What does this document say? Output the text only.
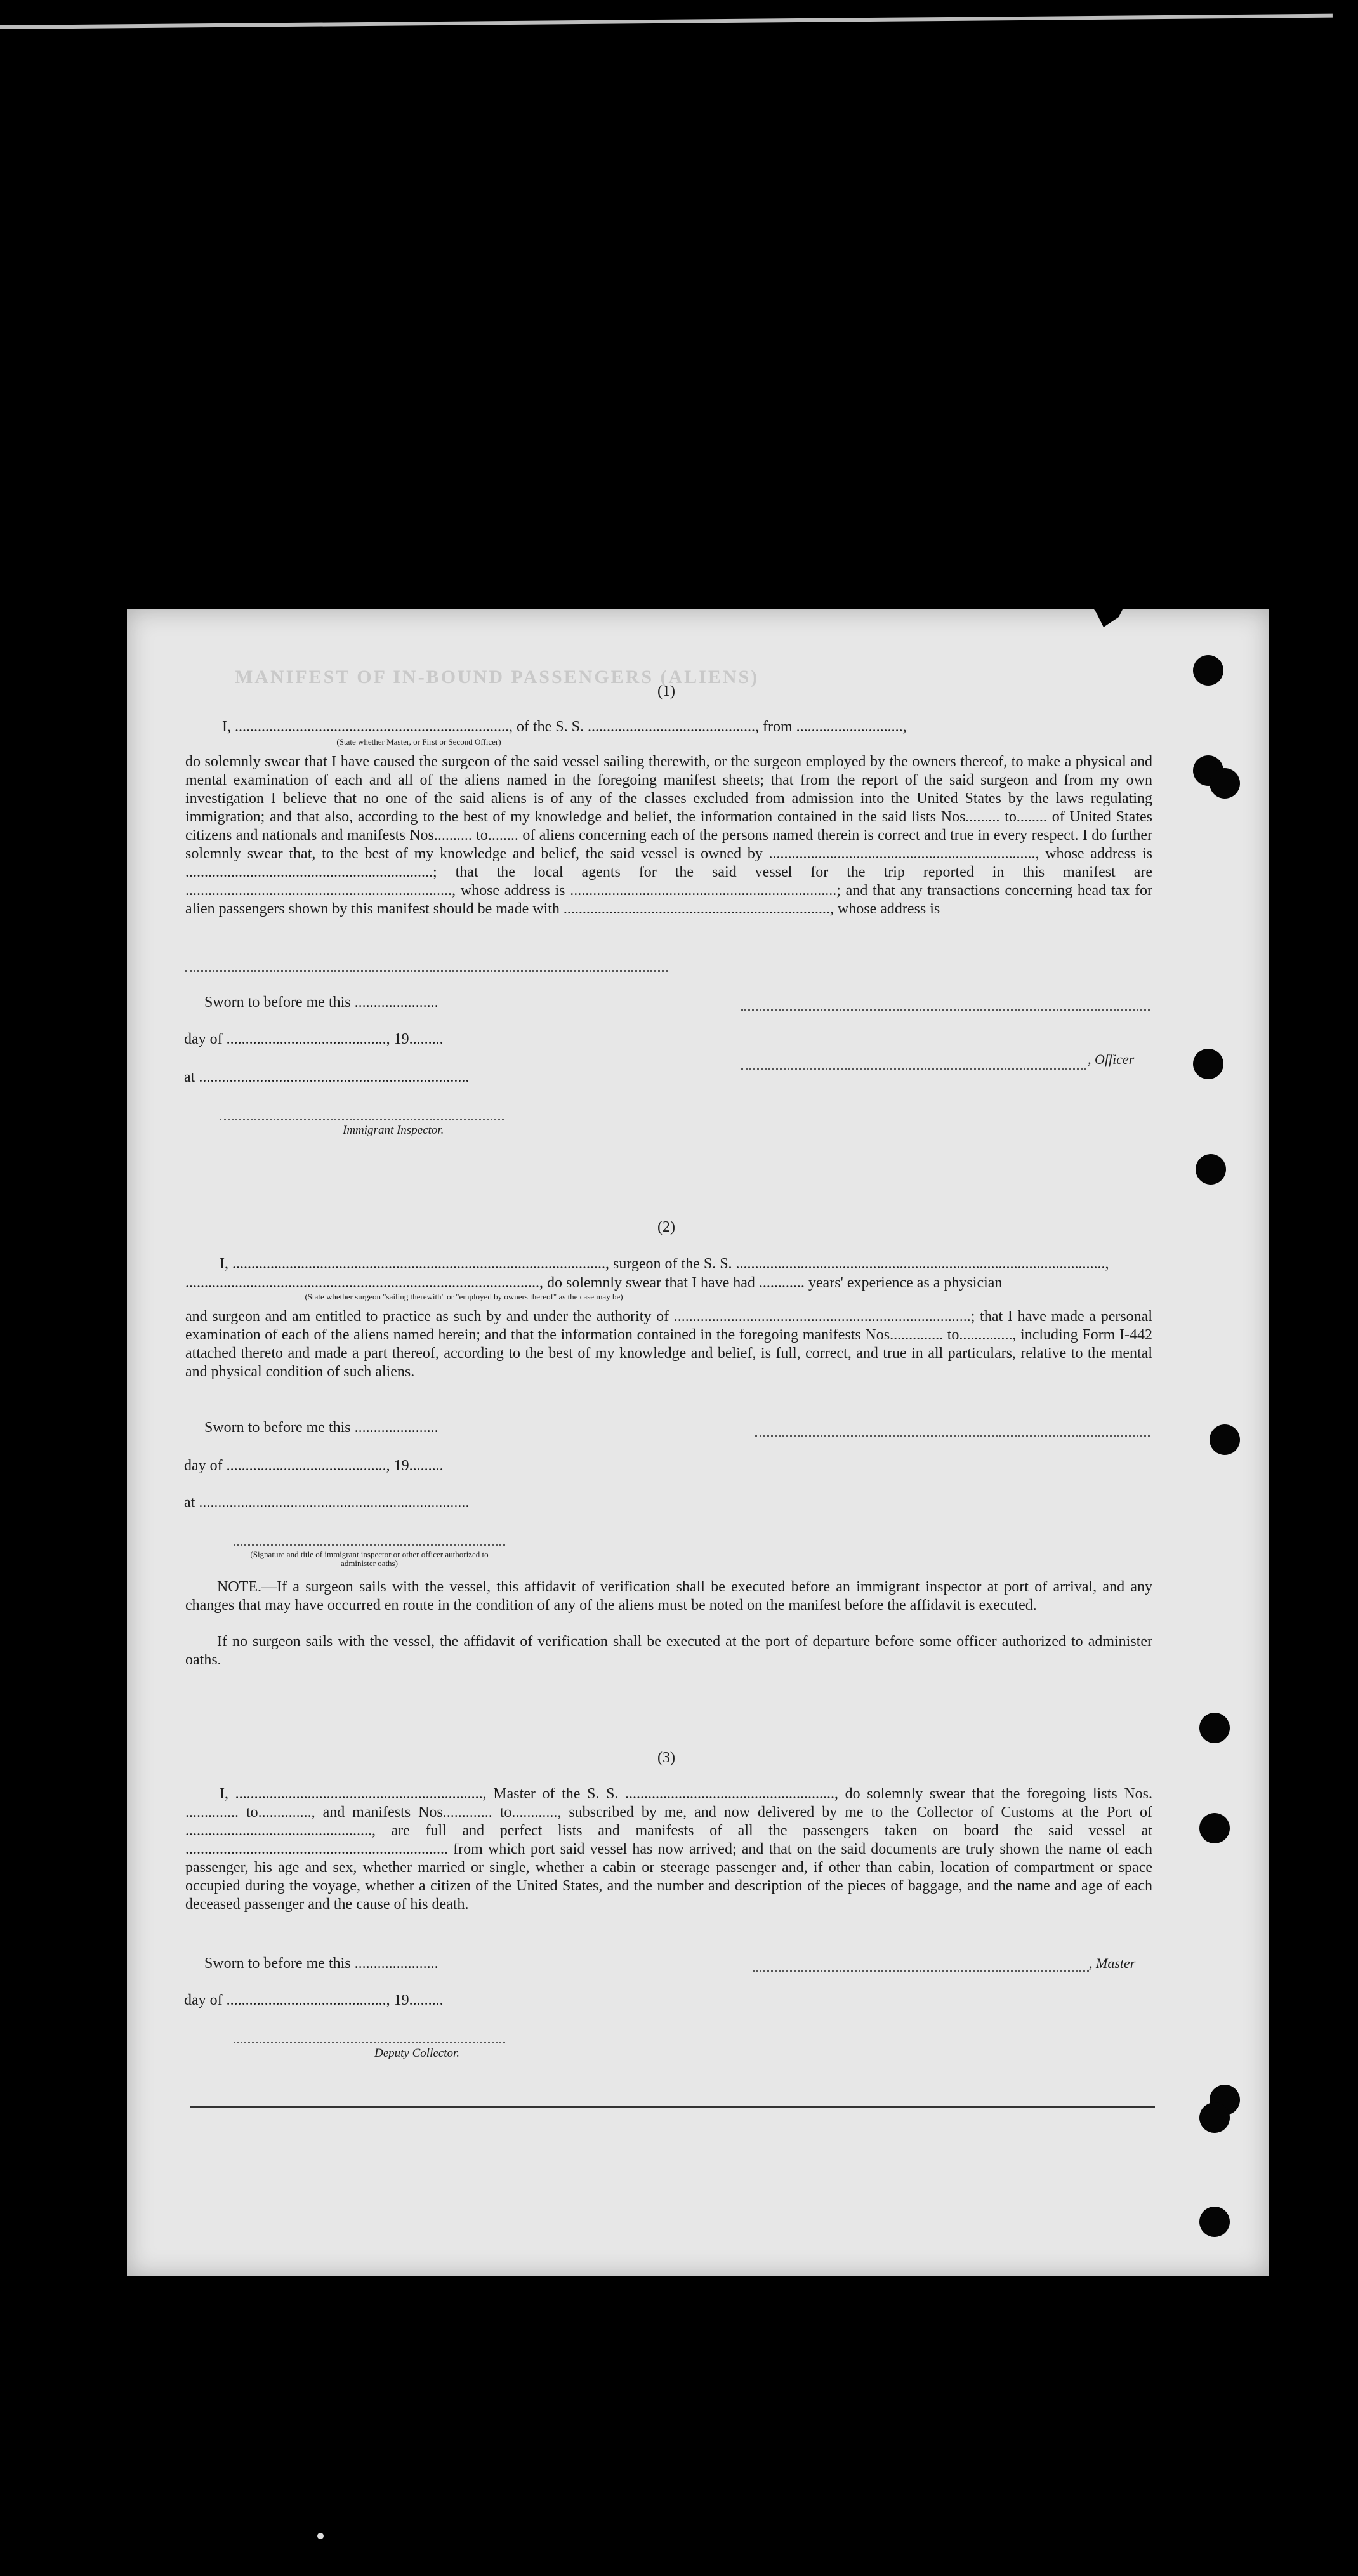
MANIFEST OF IN-BOUND PASSENGERS (ALIENS)
(1)
I, ........................................................................, of the S. S. ............................................, from ............................,
(State whether Master, or First or Second Officer)
do solemnly swear that I have caused the surgeon of the said vessel sailing therewith, or the surgeon employed by the owners thereof, to make a physical and mental examination of each and all of the aliens named in the foregoing manifest sheets; that from the report of the said surgeon and from my own investigation I believe that no one of the said aliens is of any of the classes excluded from admission into the United States by the laws regulating immigration; and that also, according to the best of my knowledge and belief, the information contained in the said lists Nos......... to........ of United States citizens and nationals and manifests Nos.......... to........ of aliens concerning each of the persons named therein is correct and true in every respect. I do further solemnly swear that, to the best of my knowledge and belief, the said vessel is owned by ......................................................................, whose address is .................................................................; that the local agents for the said vessel for the trip reported in this manifest are ......................................................................, whose address is ......................................................................; and that any transactions concerning head tax for alien passengers shown by this manifest should be made with ......................................................................, whose address is
Sworn to before me this ......................
day of .........................................., 19.........
, Officer
at .......................................................................
Immigrant Inspector.
(2)
I, .................................................................................................., surgeon of the S. S. .................................................................................................,
............................................................................................., do solemnly swear that I have had ............ years' experience as a physician
(State whether surgeon "sailing therewith" or "employed by owners thereof" as the case may be)
and surgeon and am entitled to practice as such by and under the authority of ..............................................................................; that I have made a personal examination of each of the aliens named herein; and that the information contained in the foregoing manifests Nos.............. to.............., including Form I-442 attached thereto and made a part thereof, according to the best of my knowledge and belief, is full, correct, and true in all particulars, relative to the mental and physical condition of such aliens.
Sworn to before me this ......................
day of .........................................., 19.........
at .......................................................................
(Signature and title of immigrant inspector or other officer authorized to administer oaths)
NOTE.—If a surgeon sails with the vessel, this affidavit of verification shall be executed before an immigrant inspector at port of arrival, and any changes that may have occurred en route in the condition of any of the aliens must be noted on the manifest before the affidavit is executed.
If no surgeon sails with the vessel, the affidavit of verification shall be executed at the port of departure before some officer authorized to administer oaths.
(3)
I, ................................................................., Master of the S. S. ......................................................., do solemnly swear that the foregoing lists Nos. .............. to.............., and manifests Nos............. to............, subscribed by me, and now delivered by me to the Collector of Customs at the Port of ................................................., are full and perfect lists and manifests of all the passengers taken on board the said vessel at ..................................................................... from which port said vessel has now arrived; and that on the said documents are truly shown the name of each passenger, his age and sex, whether married or single, whether a cabin or steerage passenger and, if other than cabin, location of compartment or space occupied during the voyage, whether a citizen of the United States, and the number and description of the pieces of baggage, and the name and age of each deceased passenger and the cause of his death.
Sworn to before me this ......................	, Master
day of .........................................., 19.........
Deputy Collector.
